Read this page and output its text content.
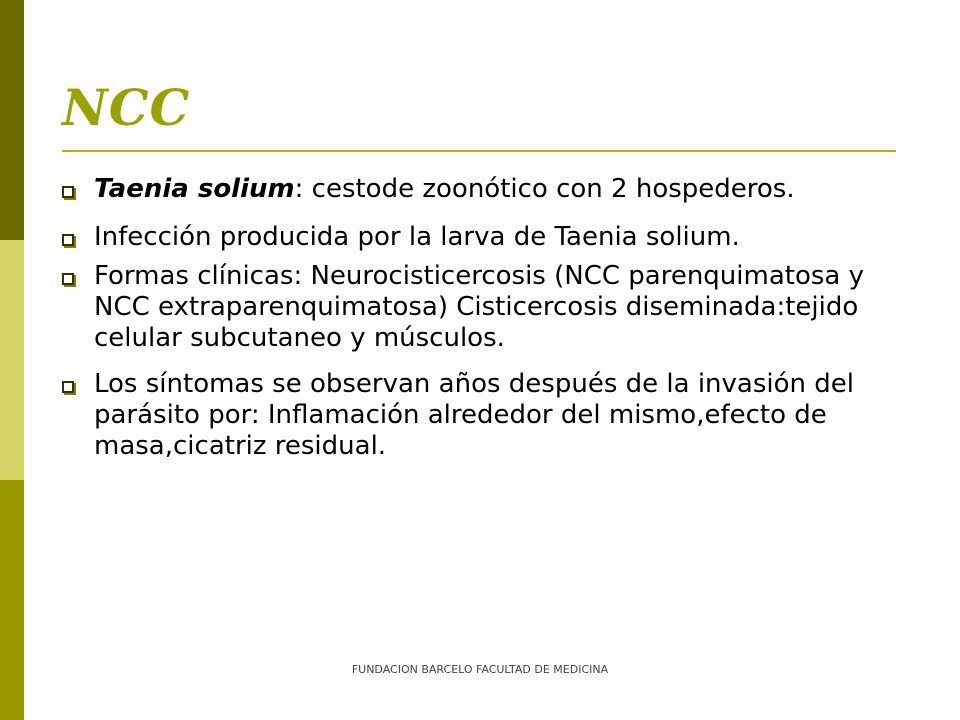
NCC
Taenia solium: cestode zoonótico con 2 hospederos.
Infección producida por la larva de Taenia solium.
Formas clínicas: Neurocisticercosis (NCC parenquimatosa y NCC extraparenquimatosa) Cisticercosis diseminada:tejido celular subcutaneo y músculos.
Los síntomas se observan años después de la invasión del parásito por: Inflamación alrededor del mismo,efecto de masa,cicatriz residual.
FUNDACION BARCELO FACULTAD DE MEDICINA
